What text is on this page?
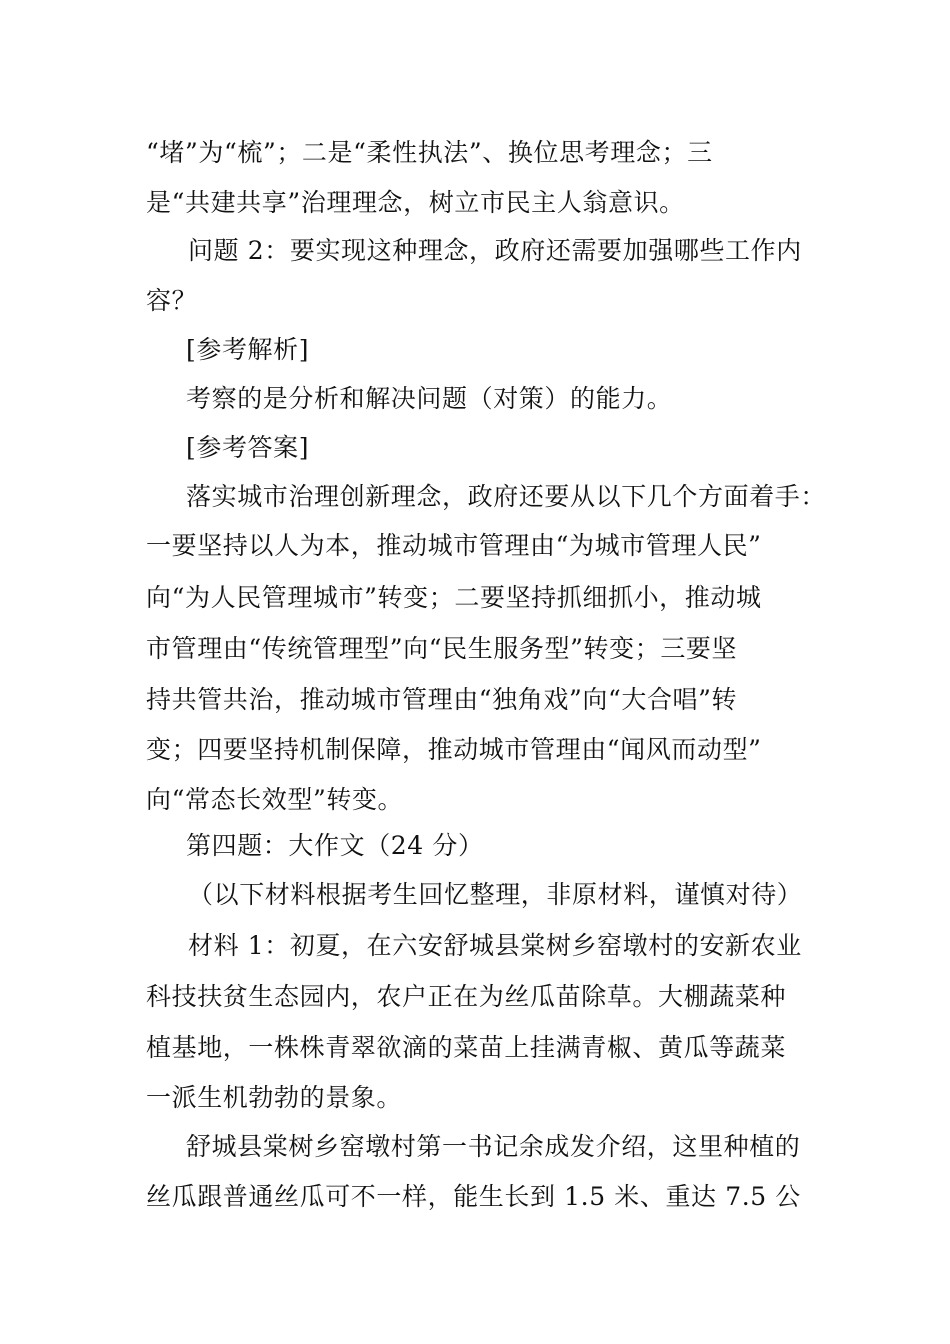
“堵”为“梳”；二是“柔性执法”、换位思考理念；三
是“共建共享”治理理念，树立市民主人翁意识。
问题 2：要实现这种理念，政府还需要加强哪些工作内
容？
[参考解析]
考察的是分析和解决问题（对策）的能力。
[参考答案]
落实城市治理创新理念，政府还要从以下几个方面着手：
一要坚持以人为本，推动城市管理由“为城市管理人民”
向“为人民管理城市”转变；二要坚持抓细抓小，推动城
市管理由“传统管理型”向“民生服务型”转变；三要坚
持共管共治，推动城市管理由“独角戏”向“大合唱”转
变；四要坚持机制保障，推动城市管理由“闻风而动型”
向“常态长效型”转变。
第四题：大作文（24 分）
（以下材料根据考生回忆整理，非原材料，谨慎对待）
材料 1：初夏，在六安舒城县棠树乡窑墩村的安新农业
科技扶贫生态园内，农户正在为丝瓜苗除草。大棚蔬菜种
植基地，一株株青翠欲滴的菜苗上挂满青椒、黄瓜等蔬菜
一派生机勃勃的景象。
舒城县棠树乡窑墩村第一书记余成发介绍，这里种植的
丝瓜跟普通丝瓜可不一样，能生长到 1.5 米、重达 7.5 公
